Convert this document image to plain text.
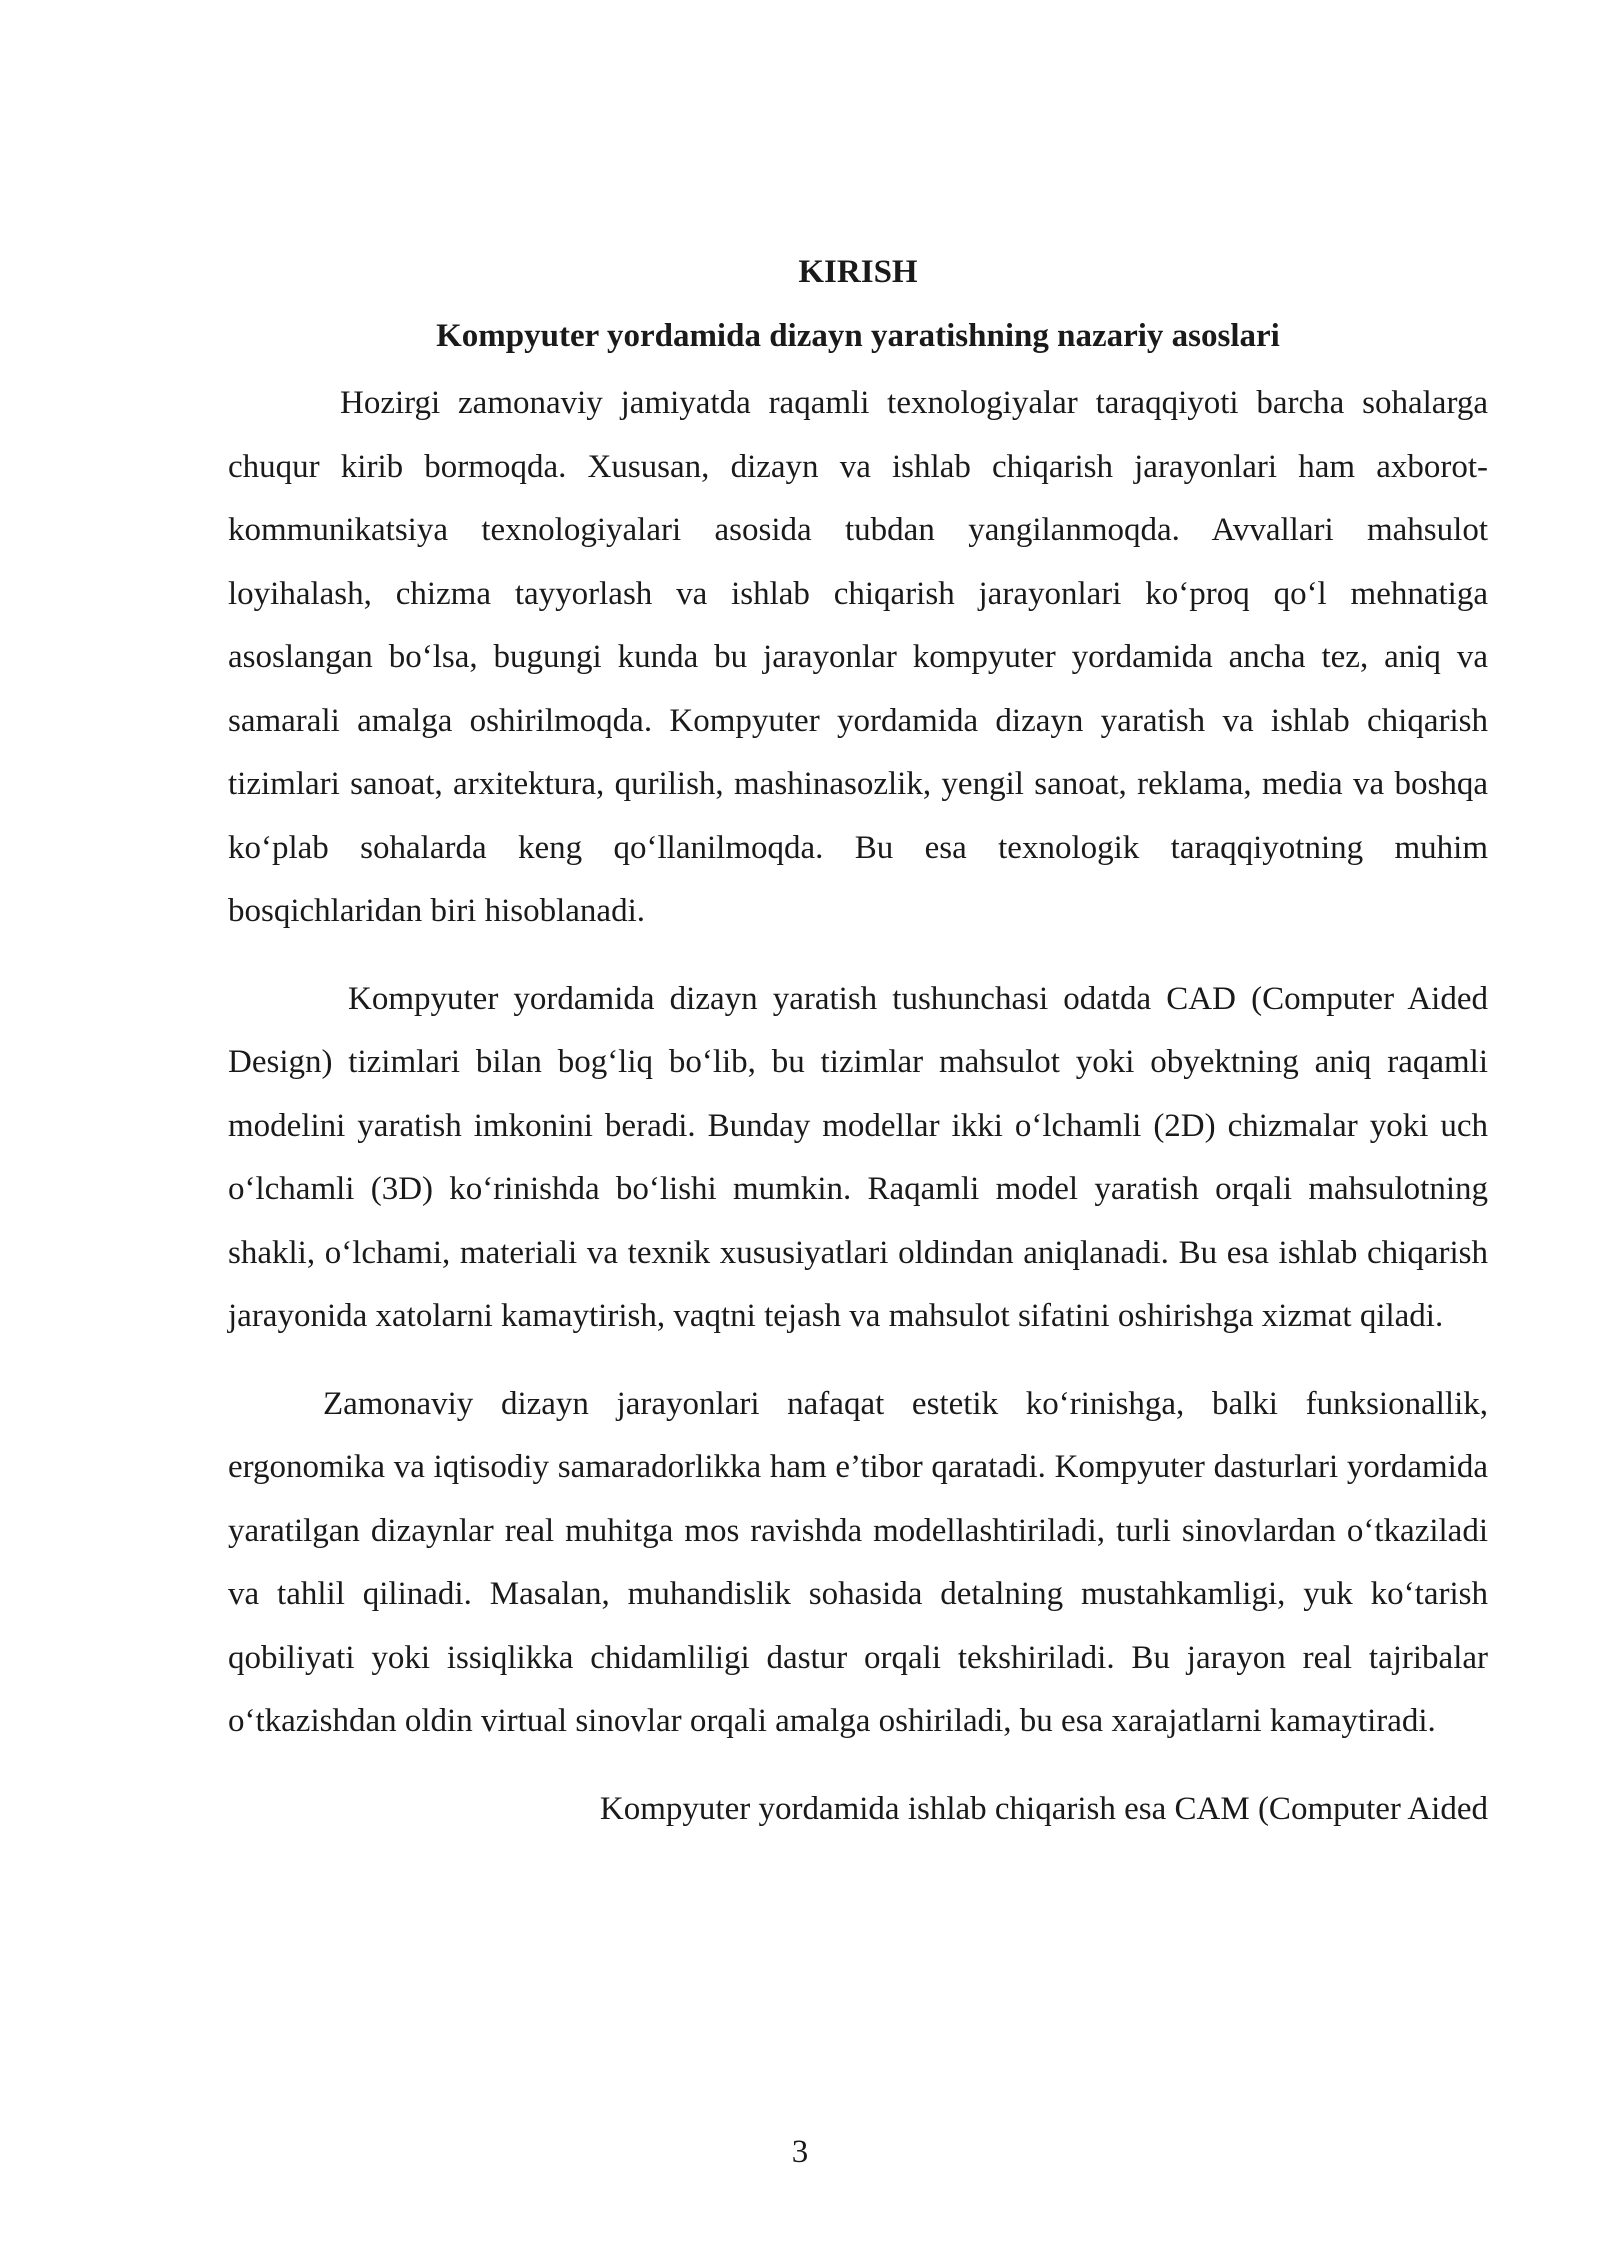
KIRISH
Kompyuter yordamida dizayn yaratishning nazariy asoslari

Hozirgi zamonaviy jamiyatda raqamli texnologiyalar taraqqiyoti barcha sohalarga chuqur kirib bormoqda. Xususan, dizayn va ishlab chiqarish jarayonlari ham axborot-kommunikatsiya texnologiyalari asosida tubdan yangilanmoqda. Avvallari mahsulot loyihalash, chizma tayyorlash va ishlab chiqarish jarayonlari ko‘proq qo‘l mehnatiga asoslangan bo‘lsa, bugungi kunda bu jarayonlar kompyuter yordamida ancha tez, aniq va samarali amalga oshirilmoqda. Kompyuter yordamida dizayn yaratish va ishlab chiqarish tizimlari sanoat, arxitektura, qurilish, mashinasozlik, yengil sanoat, reklama, media va boshqa ko‘plab sohalarda keng qo‘llanilmoqda. Bu esa texnologik taraqqiyotning muhim bosqichlaridan biri hisoblanadi.

Kompyuter yordamida dizayn yaratish tushunchasi odatda CAD (Computer Aided Design) tizimlari bilan bog‘liq bo‘lib, bu tizimlar mahsulot yoki obyektning aniq raqamli modelini yaratish imkonini beradi. Bunday modellar ikki o‘lchamli (2D) chizmalar yoki uch o‘lchamli (3D) ko‘rinishda bo‘lishi mumkin. Raqamli model yaratish orqali mahsulotning shakli, o‘lchami, materiali va texnik xususiyatlari oldindan aniqlanadi. Bu esa ishlab chiqarish jarayonida xatolarni kamaytirish, vaqtni tejash va mahsulot sifatini oshirishga xizmat qiladi.

Zamonaviy dizayn jarayonlari nafaqat estetik ko‘rinishga, balki funksionallik, ergonomika va iqtisodiy samaradorlikka ham e’tibor qaratadi. Kompyuter dasturlari yordamida yaratilgan dizaynlar real muhitga mos ravishda modellashtiriladi, turli sinovlardan o‘tkaziladi va tahlil qilinadi. Masalan, muhandislik sohasida detalning mustahkamligi, yuk ko‘tarish qobiliyati yoki issiqlikka chidamliligi dastur orqali tekshiriladi. Bu jarayon real tajribalar o‘tkazishdan oldin virtual sinovlar orqali amalga oshiriladi, bu esa xarajatlarni kamaytiradi.

Kompyuter yordamida ishlab chiqarish esa CAM (Computer Aided

3
